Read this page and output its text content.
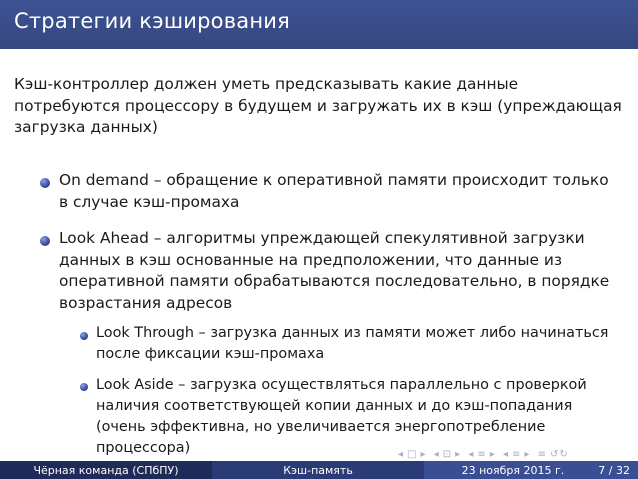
Стратегии кэширования
Кэш-контроллер должен уметь предсказывать какие данные потребуются процессору в будущем и загружать их в кэш (упреждающая загрузка данных)
On demand – обращение к оперативной памяти происходит только в случае кэш-промаха
Look Ahead – алгоритмы упреждающей спекулятивной загрузки данных в кэш основанные на предположении, что данные из оперативной памяти обрабатываются последовательно, в порядке возрастания адресов
Look Through – загрузка данных из памяти может либо начинаться после фиксации кэш-промаха
Look Aside – загрузка осуществляться параллельно с проверкой наличия соответствующей копии данных и до кэш-попадания (очень эффективна, но увеличивается энергопотребление процессора)	◂ □ ▸ ◂ ⊡ ▸ ◂ ≡ ▸ ◂ ≡ ▸ ≡ ↺↻
Чёрная команда (СПбПУ)	Кэш-память	23 ноября 2015 г.	7 / 32
